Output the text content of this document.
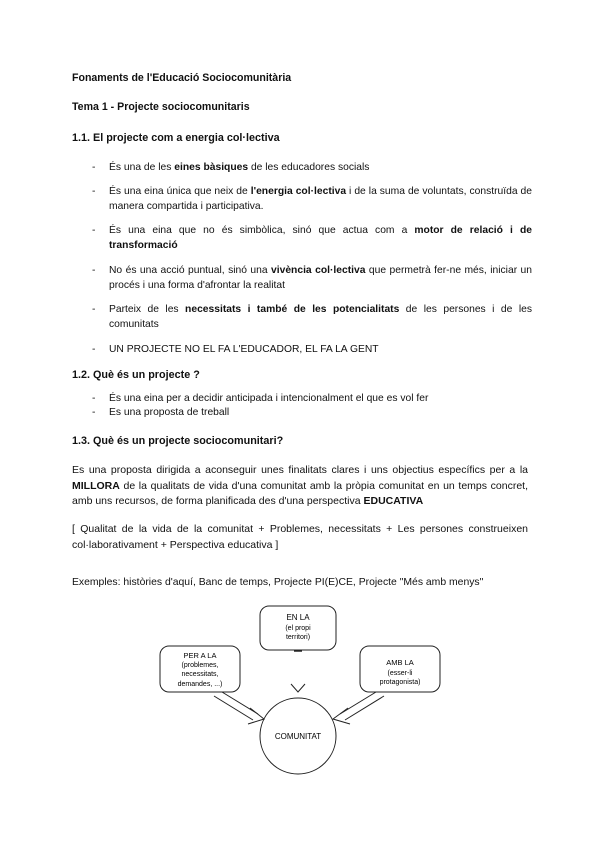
Fonaments de l'Educació Sociocomunitària

Tema 1 - Projecte sociocomunitaris

1.1. El projecte com a energia col·lectiva

- És una de les eines bàsiques de les educadores socials
- És una eina única que neix de l'energia col·lectiva i de la suma de voluntats, construïda de manera compartida i participativa.
- És una eina que no és simbòlica, sinó que actua com a motor de relació i de transformació
- No és una acció puntual, sinó una vivència col·lectiva que permetrà fer-ne més, iniciar un procés i una forma d'afrontar la realitat
- Parteix de les necessitats i també de les potencialitats de les persones i de les comunitats
- UN PROJECTE NO EL FA L'EDUCADOR, EL FA LA GENT

1.2. Què és un projecte ?

- És una eina per a decidir anticipada i intencionalment el que es vol fer
- Es una proposta de treball

1.3. Què és un projecte sociocomunitari?

Es una proposta dirigida a aconseguir unes finalitats clares i uns objectius específics per a la MILLORA de la qualitats de vida d'una comunitat amb la pròpia comunitat en un temps concret, amb uns recursos, de forma planificada des d'una perspectiva EDUCATIVA

[ Qualitat de la vida de la comunitat + Problemes, necessitats + Les persones construeixen col·laborativament + Perspectiva educativa ]

Exemples: històries d'aquí, Banc de temps, Projecte PI(E)CE, Projecte "Més amb menys"

EN LA
(el propi
territori)
PER A LA
(problemes,
necessitats,
demandes, ...)
AMB LA
(esser-li
protagonista)
COMUNITAT
